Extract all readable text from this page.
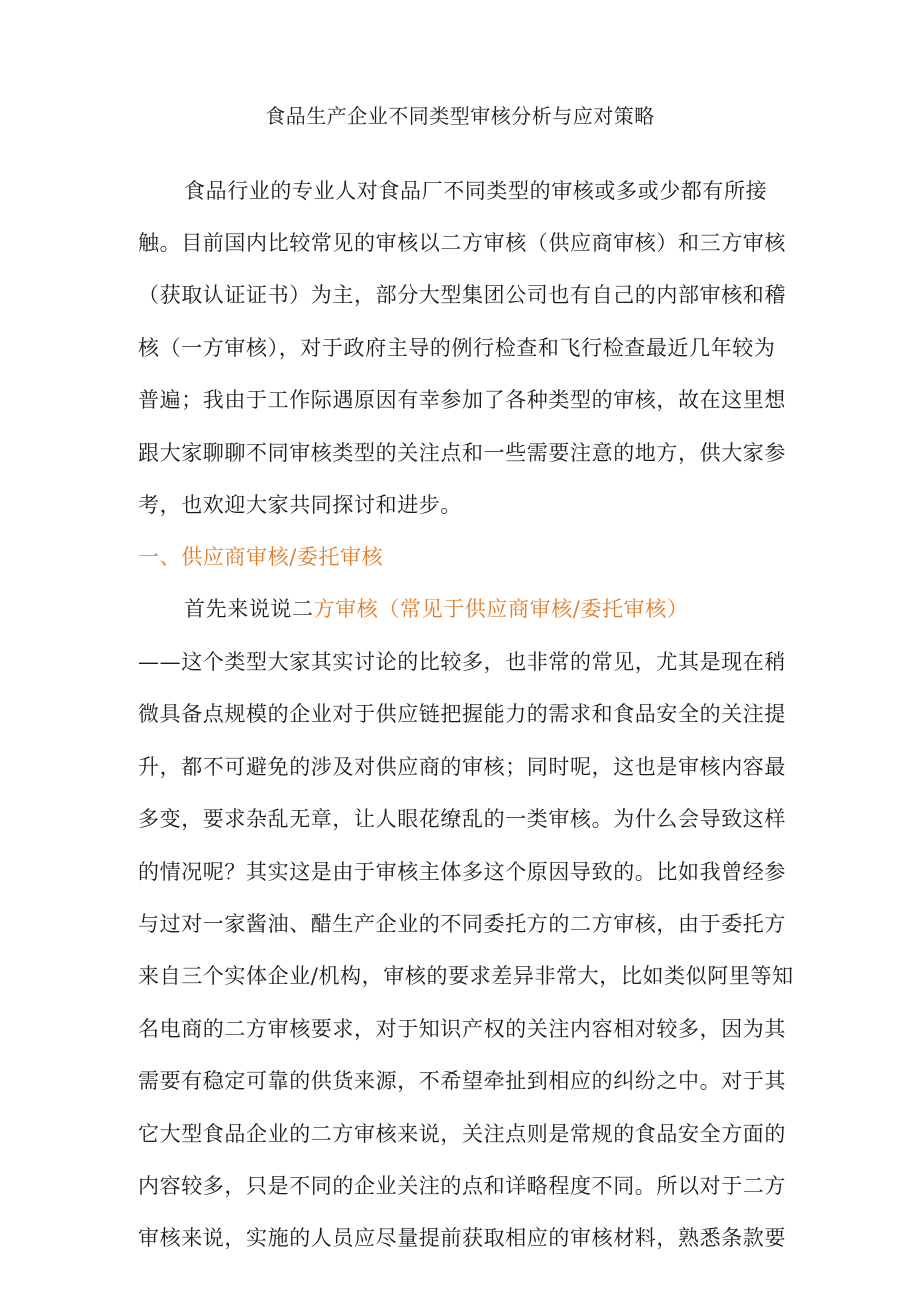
食品生产企业不同类型审核分析与应对策略
食品行业的专业人对食品厂不同类型的审核或多或少都有所接
触。目前国内比较常见的审核以二方审核（供应商审核）和三方审核
（获取认证证书）为主，部分大型集团公司也有自己的内部审核和稽
核（一方审核），对于政府主导的例行检查和飞行检查最近几年较为
普遍；我由于工作际遇原因有幸参加了各种类型的审核，故在这里想
跟大家聊聊不同审核类型的关注点和一些需要注意的地方，供大家参
考，也欢迎大家共同探讨和进步。
一、供应商审核/委托审核
首先来说说二方审核（常见于供应商审核/委托审核）
——这个类型大家其实讨论的比较多，也非常的常见，尤其是现在稍
微具备点规模的企业对于供应链把握能力的需求和食品安全的关注提
升，都不可避免的涉及对供应商的审核；同时呢，这也是审核内容最
多变，要求杂乱无章，让人眼花缭乱的一类审核。为什么会导致这样
的情况呢？其实这是由于审核主体多这个原因导致的。比如我曾经参
与过对一家酱油、醋生产企业的不同委托方的二方审核，由于委托方
来自三个实体企业/机构，审核的要求差异非常大，比如类似阿里等知
名电商的二方审核要求，对于知识产权的关注内容相对较多，因为其
需要有稳定可靠的供货来源，不希望牵扯到相应的纠纷之中。对于其
它大型食品企业的二方审核来说，关注点则是常规的食品安全方面的
内容较多，只是不同的企业关注的点和详略程度不同。所以对于二方
审核来说，实施的人员应尽量提前获取相应的审核材料，熟悉条款要
